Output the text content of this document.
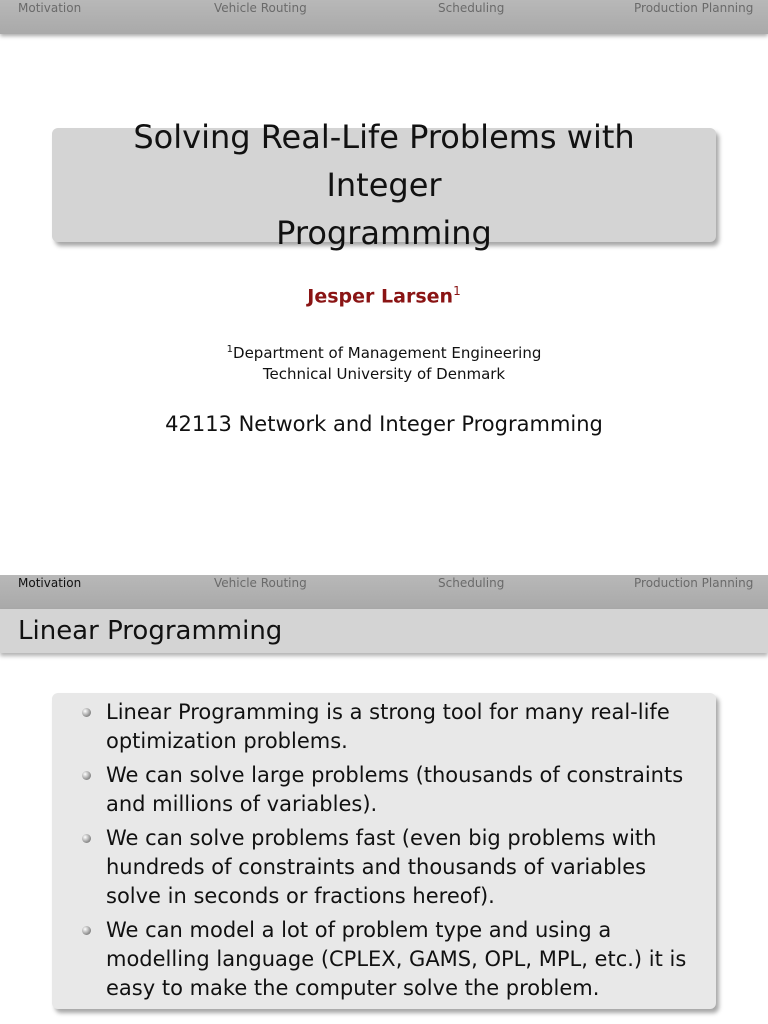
Motivation	Vehicle Routing	Scheduling	Production Planning
Solving Real-Life Problems with Integer
Programming
Jesper Larsen$^1$
$^1$Department of Management Engineering
Technical University of Denmark
42113 Network and Integer Programming
Motivation	Vehicle Routing	Scheduling	Production Planning
Linear Programming
Linear Programming is a strong tool for many real-life optimization problems.
We can solve large problems (thousands of constraints and millions of variables).
We can solve problems fast (even big problems with hundreds of constraints and thousands of variables solve in seconds or fractions hereof).
We can model a lot of problem type and using a modelling language (CPLEX, GAMS, OPL, MPL, etc.) it is easy to make the computer solve the problem.
